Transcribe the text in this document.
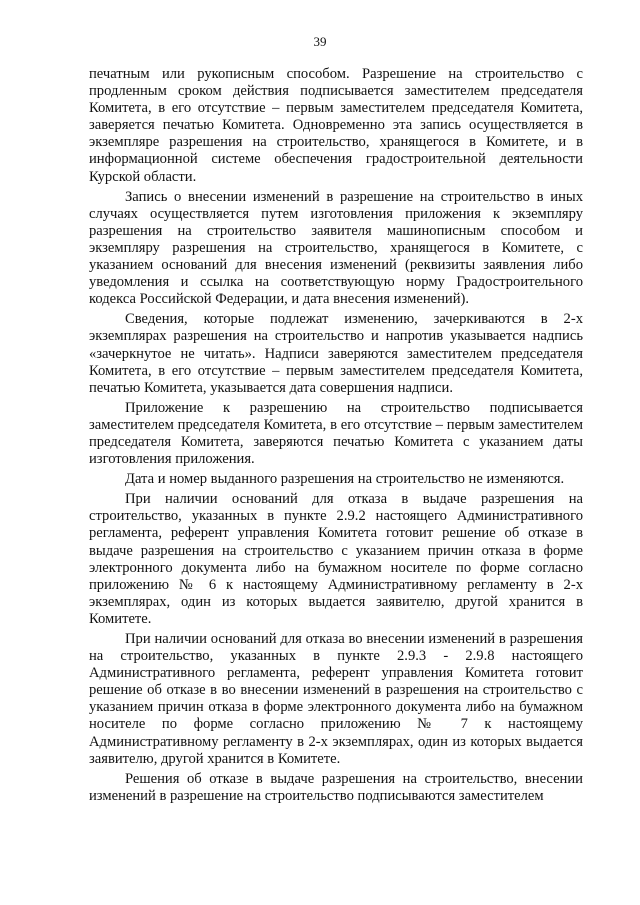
39

печатным или рукописным способом. Разрешение на строительство с продленным сроком действия подписывается заместителем председателя Комитета, в его отсутствие – первым заместителем председателя Комитета, заверяется печатью Комитета. Одновременно эта запись осуществляется в экземпляре разрешения на строительство, хранящегося в Комитете, и в информационной системе обеспечения градостроительной деятельности Курской области.

Запись о внесении изменений в разрешение на строительство в иных случаях осуществляется путем изготовления приложения к экземпляру разрешения на строительство заявителя машинописным способом и экземпляру разрешения на строительство, хранящегося в Комитете, с указанием оснований для внесения изменений (реквизиты заявления либо уведомления и ссылка на соответствующую норму Градостроительного кодекса Российской Федерации, и дата внесения изменений).

Сведения, которые подлежат изменению, зачеркиваются в 2-х экземплярах разрешения на строительство и напротив указывается надпись «зачеркнутое не читать». Надписи заверяются заместителем председателя Комитета, в его отсутствие – первым заместителем председателя Комитета, печатью Комитета, указывается дата совершения надписи.

Приложение к разрешению на строительство подписывается заместителем председателя Комитета, в его отсутствие – первым заместителем председателя Комитета, заверяются печатью Комитета с указанием даты изготовления приложения.

Дата и номер выданного разрешения на строительство не изменяются.

При наличии оснований для отказа в выдаче разрешения на строительство, указанных в пункте 2.9.2 настоящего Административного регламента, референт управления Комитета готовит решение об отказе в выдаче разрешения на строительство с указанием причин отказа в форме электронного документа либо на бумажном носителе по форме согласно приложению № 6 к настоящему Административному регламенту в 2-х экземплярах, один из которых выдается заявителю, другой хранится в Комитете.

При наличии оснований для отказа во внесении изменений в разрешения на строительство, указанных в пункте 2.9.3 - 2.9.8 настоящего Административного регламента, референт управления Комитета готовит решение об отказе в во внесении изменений в разрешения на строительство с указанием причин отказа в форме электронного документа либо на бумажном носителе по форме согласно приложению № 7 к настоящему Административному регламенту в 2-х экземплярах, один из которых выдается заявителю, другой хранится в Комитете.

Решения об отказе в выдаче разрешения на строительство, внесении изменений в разрешение на строительство подписываются заместителем
